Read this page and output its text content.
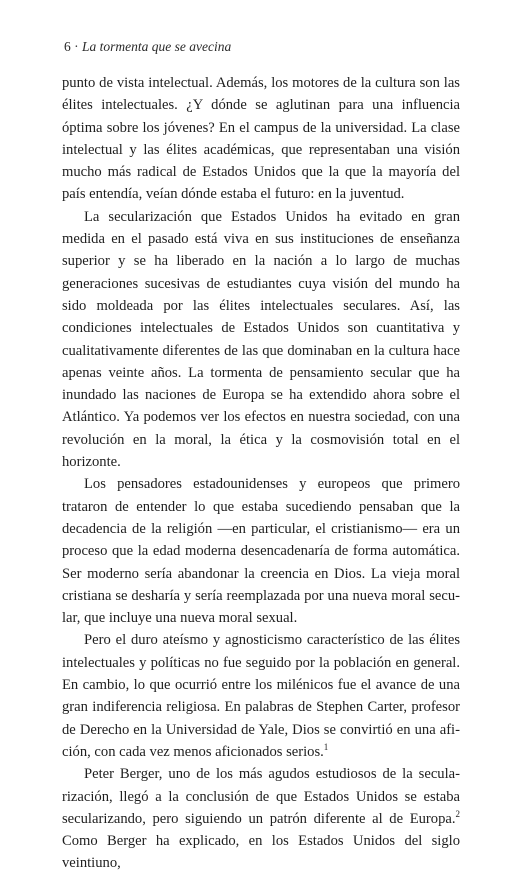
6 · La tormenta que se avecina

punto de vista intelectual. Además, los motores de la cultura son las élites intelectuales. ¿Y dónde se aglutinan para una influencia óptima sobre los jóvenes? En el campus de la universidad. La clase intelectual y las élites académicas, que representaban una visión mucho más radical de Estados Unidos que la que la mayoría del país entendía, veían dónde estaba el futuro: en la juventud.

La secularización que Estados Unidos ha evitado en gran medida en el pasado está viva en sus instituciones de enseñanza superior y se ha liberado en la nación a lo largo de muchas generaciones sucesivas de estudiantes cuya visión del mundo ha sido moldeada por las élites intelectuales seculares. Así, las condiciones intelectuales de Estados Unidos son cuantitativa y cualitativamente diferentes de las que dominaban en la cultura hace apenas veinte años. La tormenta de pensamiento secular que ha inundado las naciones de Europa se ha extendido ahora sobre el Atlántico. Ya podemos ver los efectos en nuestra sociedad, con una revolución en la moral, la ética y la cosmovisión total en el horizonte.

Los pensadores estadounidenses y europeos que primero trataron de entender lo que estaba sucediendo pensaban que la decadencia de la religión —en particular, el cristianismo— era un proceso que la edad moderna desencadenaría de forma automática. Ser moderno sería abandonar la creencia en Dios. La vieja moral cristiana se desharía y sería reemplazada por una nueva moral secular, que incluye una nueva moral sexual.

Pero el duro ateísmo y agnosticismo característico de las élites intelectuales y políticas no fue seguido por la población en general. En cambio, lo que ocurrió entre los milénicos fue el avance de una gran indiferencia religiosa. En palabras de Stephen Carter, profesor de Derecho en la Universidad de Yale, Dios se convirtió en una afición, con cada vez menos aficionados serios.$^1$

Peter Berger, uno de los más agudos estudiosos de la secularización, llegó a la conclusión de que Estados Unidos se estaba secularizando, pero siguiendo un patrón diferente al de Europa.$^2$ Como Berger ha explicado, en los Estados Unidos del siglo veintiuno,
